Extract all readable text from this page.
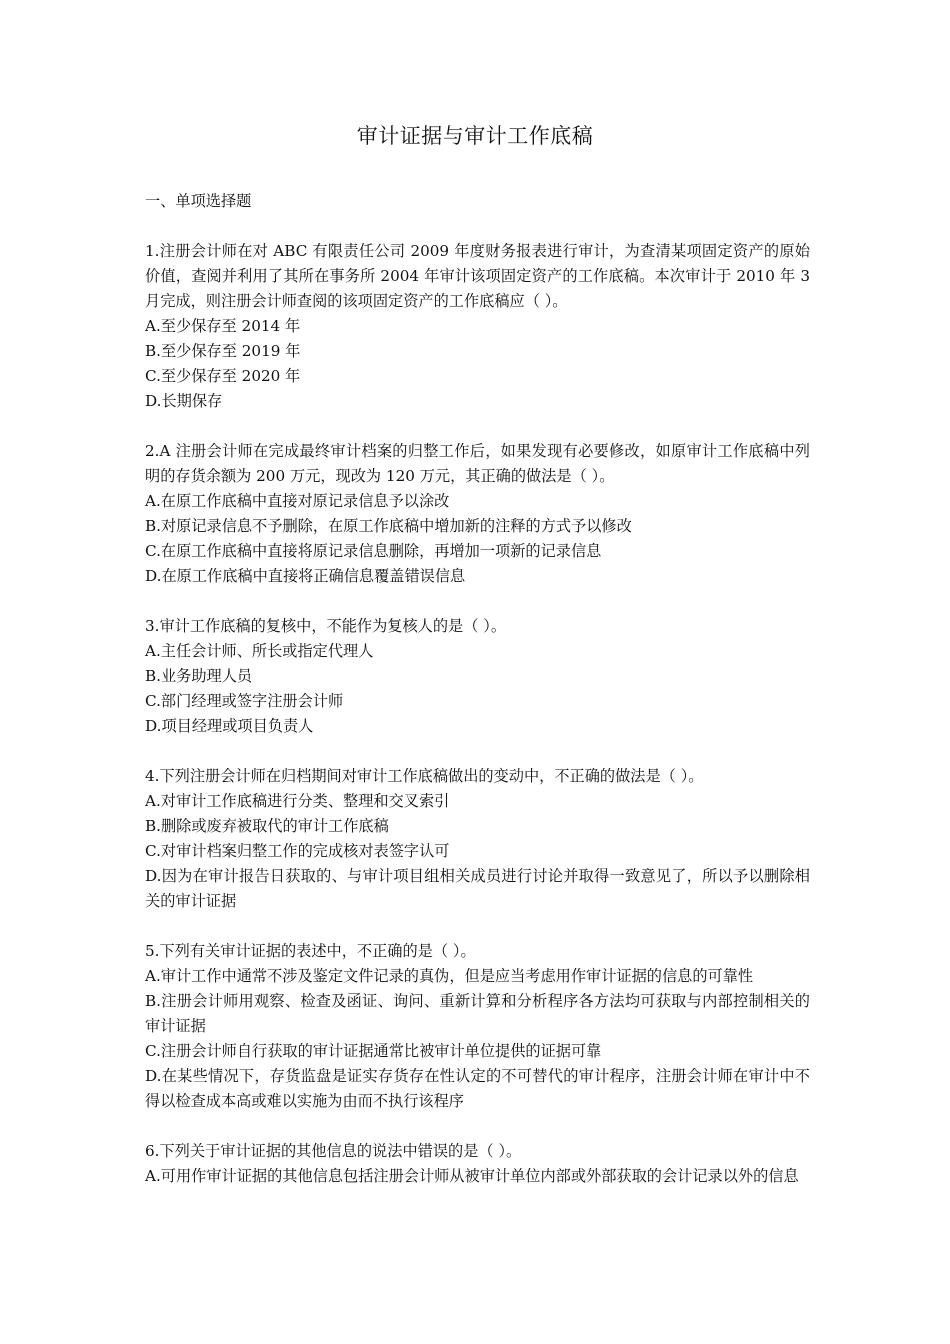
审计证据与审计工作底稿

一、单项选择题

1.注册会计师在对 ABC 有限责任公司 2009 年度财务报表进行审计，为查清某项固定资产的原始价值，查阅并利用了其所在事务所 2004 年审计该项固定资产的工作底稿。本次审计于 2010 年 3 月完成，则注册会计师查阅的该项固定资产的工作底稿应（ ）。

A.至少保存至 2014 年

B.至少保存至 2019 年

C.至少保存至 2020 年

D.长期保存

2.A 注册会计师在完成最终审计档案的归整工作后，如果发现有必要修改，如原审计工作底稿中列明的存货余额为 200 万元，现改为 120 万元，其正确的做法是（ ）。

A.在原工作底稿中直接对原记录信息予以涂改

B.对原记录信息不予删除，在原工作底稿中增加新的注释的方式予以修改

C.在原工作底稿中直接将原记录信息删除，再增加一项新的记录信息

D.在原工作底稿中直接将正确信息覆盖错误信息

3.审计工作底稿的复核中，不能作为复核人的是（ ）。

A.主任会计师、所长或指定代理人

B.业务助理人员

C.部门经理或签字注册会计师

D.项目经理或项目负责人

4.下列注册会计师在归档期间对审计工作底稿做出的变动中，不正确的做法是（ ）。

A.对审计工作底稿进行分类、整理和交叉索引

B.删除或废弃被取代的审计工作底稿

C.对审计档案归整工作的完成核对表签字认可

D.因为在审计报告日获取的、与审计项目组相关成员进行讨论并取得一致意见了，所以予以删除相关的审计证据

5.下列有关审计证据的表述中，不正确的是（ ）。

A.审计工作中通常不涉及鉴定文件记录的真伪，但是应当考虑用作审计证据的信息的可靠性

B.注册会计师用观察、检查及函证、询问、重新计算和分析程序各方法均可获取与内部控制相关的审计证据

C.注册会计师自行获取的审计证据通常比被审计单位提供的证据可靠

D.在某些情况下，存货监盘是证实存货存在性认定的不可替代的审计程序，注册会计师在审计中不得以检查成本高或难以实施为由而不执行该程序

6.下列关于审计证据的其他信息的说法中错误的是（ ）。

A.可用作审计证据的其他信息包括注册会计师从被审计单位内部或外部获取的会计记录以外的信息
